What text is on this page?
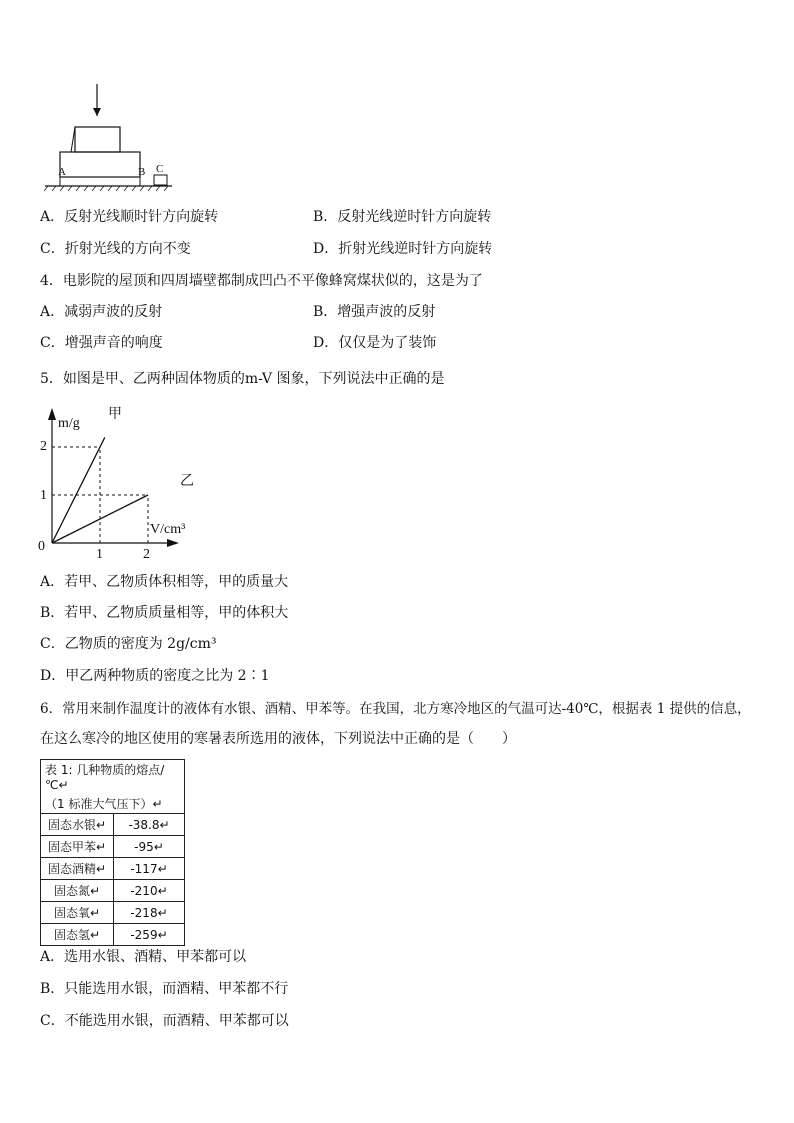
A	B C
A．反射光线顺时针方向旋转	B．反射光线逆时针方向旋转
C．折射光线的方向不变	D．折射光线逆时针方向旋转
4．电影院的屋顶和四周墙壁都制成凹凸不平像蜂窝煤状似的，这是为了
A．减弱声波的反射	B．增强声波的反射
C．增强声音的响度	D．仅仅是为了装饰
5．如图是甲、乙两种固体物质的m-V 图象，下列说法中正确的是
m/g
V/cm³
0
1	2
1
2
甲
乙
A．若甲、乙物质体积相等，甲的质量大
B．若甲、乙物质质量相等，甲的体积大
C．乙物质的密度为 2g/cm³
D．甲乙两种物质的密度之比为 2∶1
6．常用来制作温度计的液体有水银、酒精、甲苯等。在我国，北方寒冷地区的气温可达-40℃，根据表 1 提供的信息，
在这么寒冷的地区使用的寒暑表所选用的液体，下列说法中正确的是（　　）
表 1: 几种物质的熔点/℃↵	
（1 标准大气压下）↵	
固态水银↵	-38.8↵
固态甲苯↵	-95↵
固态酒精↵	-117↵
固态氮↵	-210↵
固态氧↵	-218↵
固态氢↵	-259↵
A．选用水银、酒精、甲苯都可以
B．只能选用水银，而酒精、甲苯都不行
C．不能选用水银，而酒精、甲苯都可以
